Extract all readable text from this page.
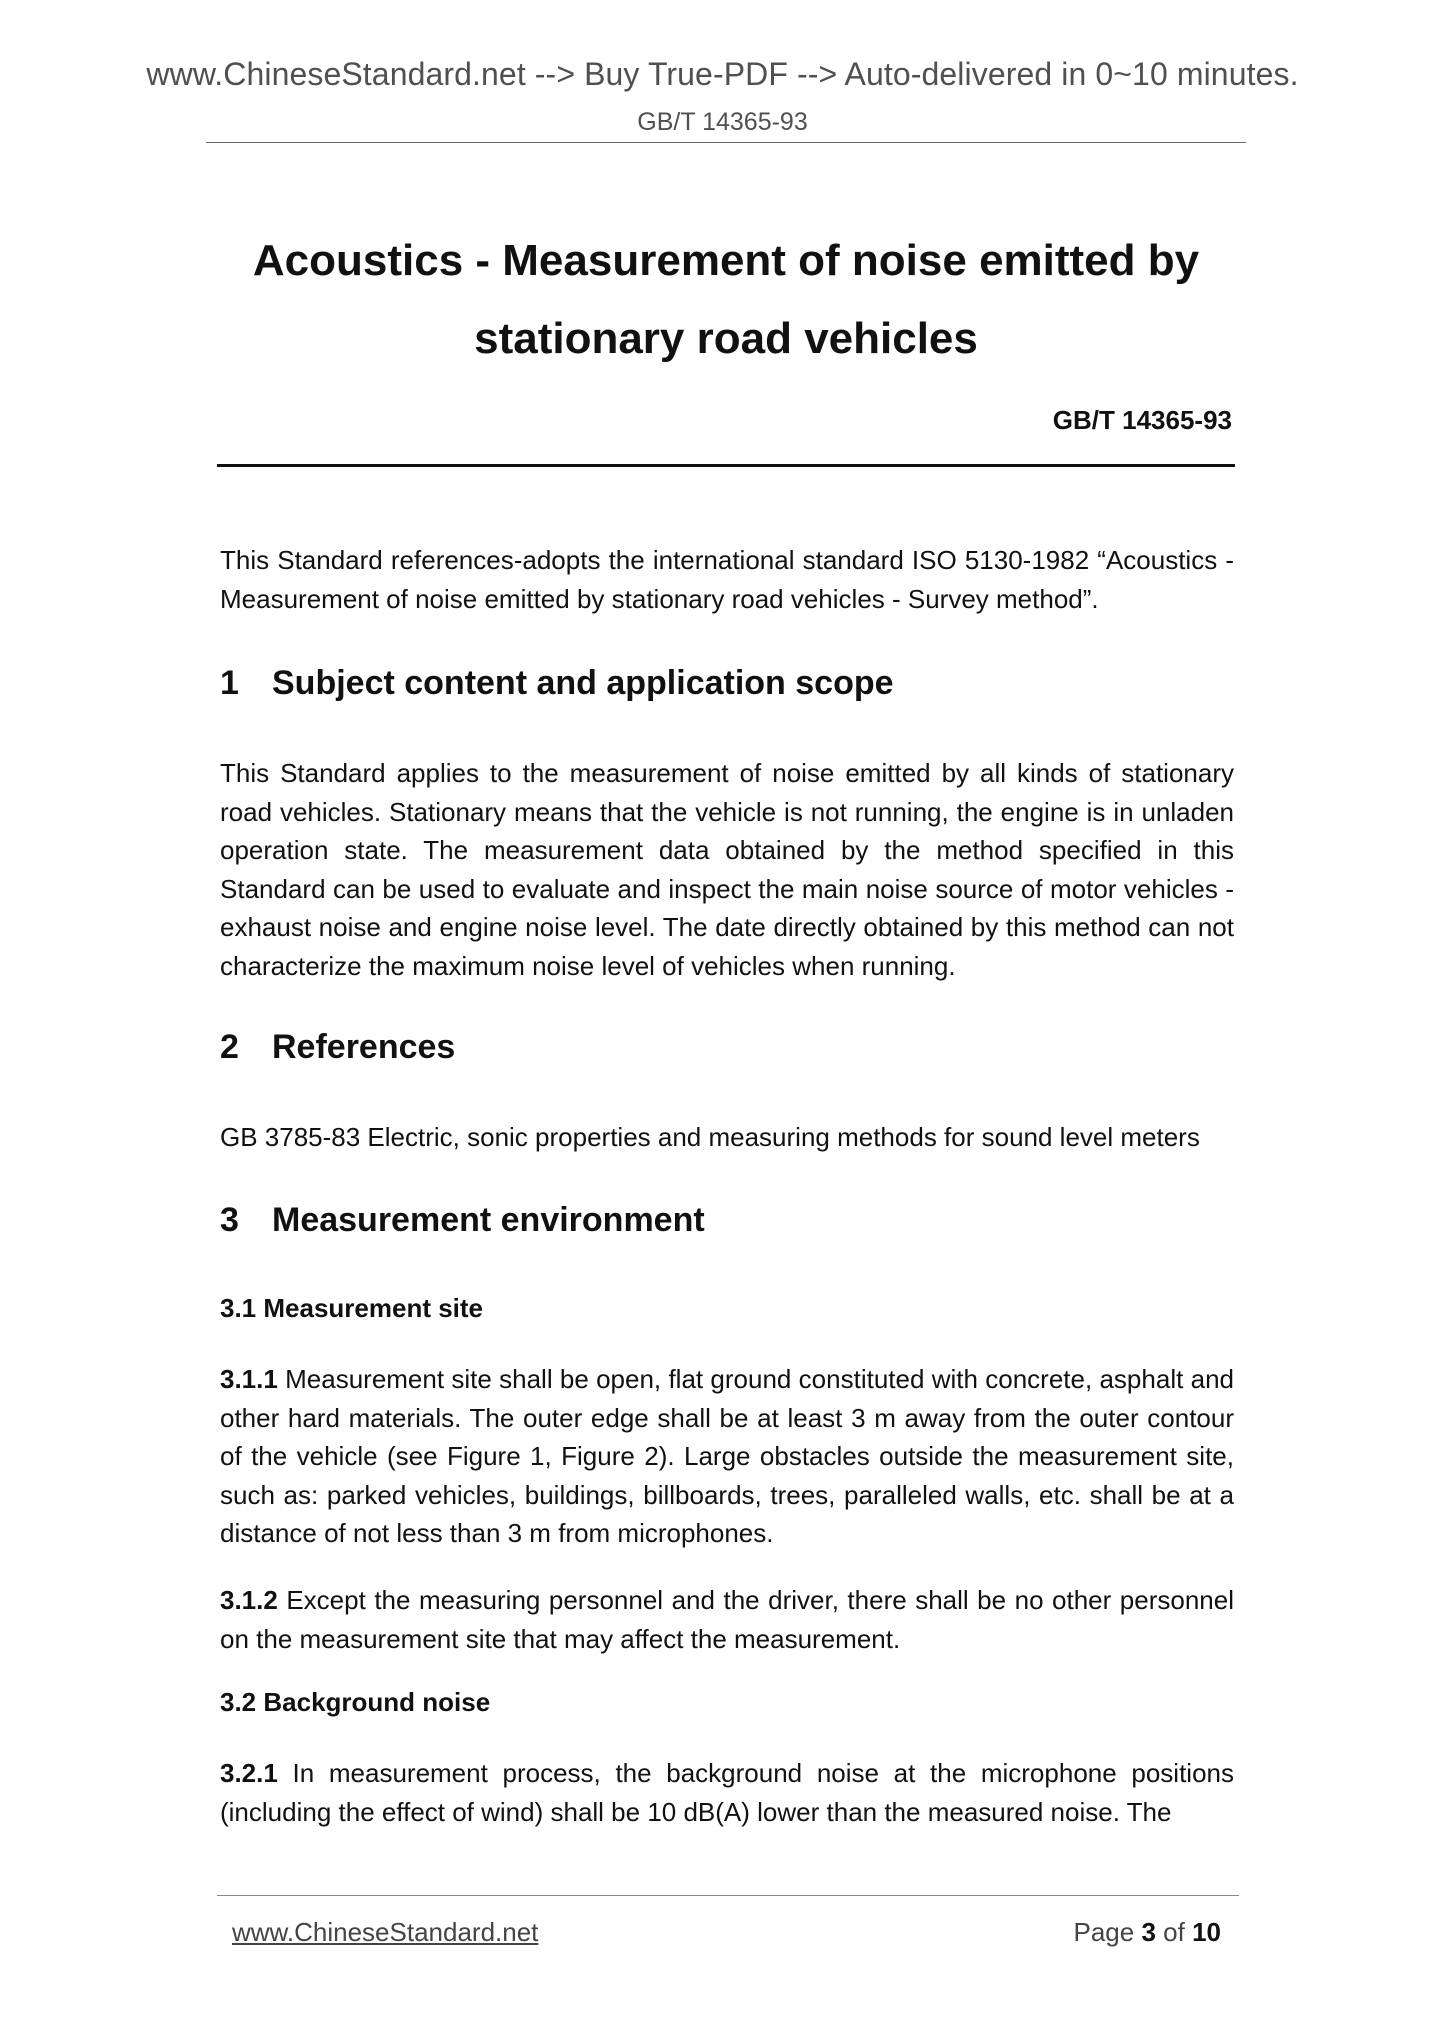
www.ChineseStandard.net --> Buy True-PDF --> Auto-delivered in 0~10 minutes.
GB/T 14365-93
Acoustics - Measurement of noise emitted by
stationary road vehicles
GB/T 14365-93

This Standard references-adopts the international standard ISO 5130-1982 “Acoustics - Measurement of noise emitted by stationary road vehicles - Survey method”.

1 Subject content and application scope

This Standard applies to the measurement of noise emitted by all kinds of stationary road vehicles. Stationary means that the vehicle is not running, the engine is in unladen operation state. The measurement data obtained by the method specified in this Standard can be used to evaluate and inspect the main noise source of motor vehicles - exhaust noise and engine noise level. The date directly obtained by this method can not characterize the maximum noise level of vehicles when running.

2 References

GB 3785-83 Electric, sonic properties and measuring methods for sound level meters

3 Measurement environment
3.1 Measurement site

3.1.1 Measurement site shall be open, flat ground constituted with concrete, asphalt and other hard materials. The outer edge shall be at least 3 m away from the outer contour of the vehicle (see Figure 1, Figure 2). Large obstacles outside the measurement site, such as: parked vehicles, buildings, billboards, trees, paralleled walls, etc. shall be at a distance of not less than 3 m from microphones.

3.1.2 Except the measuring personnel and the driver, there shall be no other personnel on the measurement site that may affect the measurement.

3.2 Background noise

3.2.1 In measurement process, the background noise at the microphone positions (including the effect of wind) shall be 10 dB(A) lower than the measured noise. The

www.ChineseStandard.net	Page 3 of 10
